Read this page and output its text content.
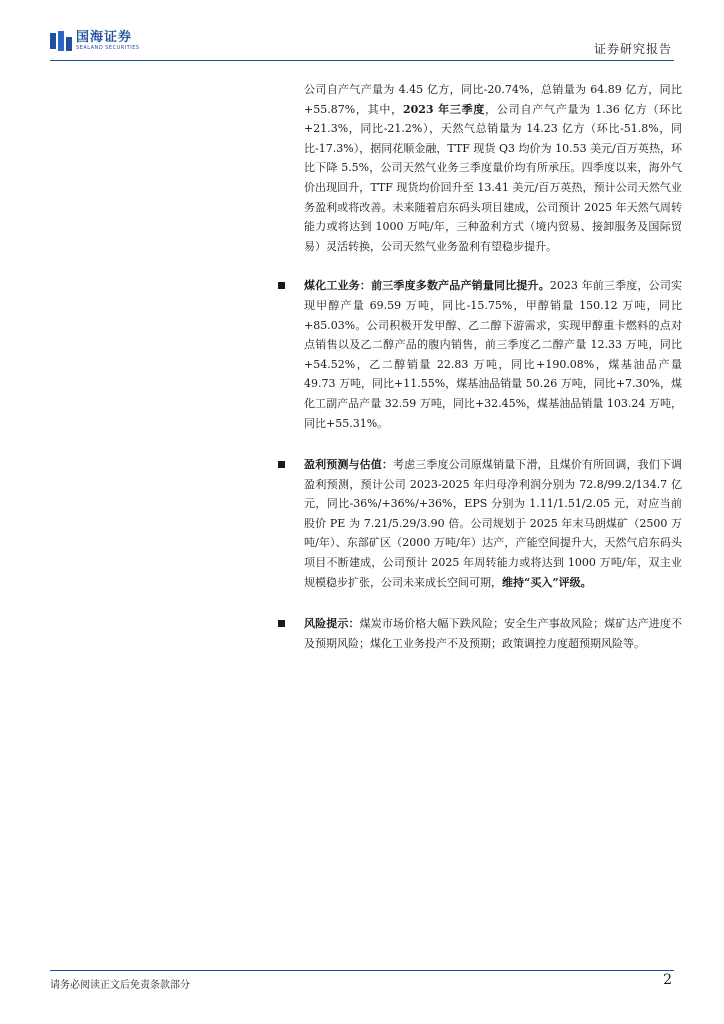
国海证券
SEALAND SECURITIES	证券研究报告

公司自产气产量为 4.45 亿方，同比-20.74%，总销量为 64.89 亿方，同比+55.87%，其中，2023 年三季度，公司自产气产量为 1.36 亿方（环比+21.3%，同比-21.2%），天然气总销量为 14.23 亿方（环比-51.8%，同比-17.3%），据同花顺金融，TTF 现货 Q3 均价为 10.53 美元/百万英热，环比下降 5.5%，公司天然气业务三季度量价均有所承压。四季度以来，海外气价出现回升，TTF 现货均价回升至 13.41 美元/百万英热，预计公司天然气业务盈利或将改善。未来随着启东码头项目建成，公司预计 2025 年天然气周转能力或将达到 1000 万吨/年，三种盈利方式（境内贸易、接卸服务及国际贸易）灵活转换，公司天然气业务盈利有望稳步提升。

煤化工业务：前三季度多数产品产销量同比提升。2023 年前三季度，公司实现甲醇产量 69.59 万吨，同比-15.75%，甲醇销量 150.12 万吨，同比+85.03%。公司积极开发甲醇、乙二醇下游需求，实现甲醇重卡燃料的点对点销售以及乙二醇产品的腹内销售，前三季度乙二醇产量 12.33 万吨，同比+54.52%，乙二醇销量 22.83 万吨，同比+190.08%，煤基油品产量 49.73 万吨，同比+11.55%，煤基油品销量 50.26 万吨，同比+7.30%，煤化工副产品产量 32.59 万吨，同比+32.45%，煤基油品销量 103.24 万吨，同比+55.31%。

盈利预测与估值：考虑三季度公司原煤销量下滑，且煤价有所回调，我们下调盈利预测，预计公司 2023-2025 年归母净利润分别为 72.8/99.2/134.7 亿元，同比-36%/+36%/+36%，EPS 分别为 1.11/1.51/2.05 元，对应当前股价 PE 为 7.21/5.29/3.90 倍。公司规划于 2025 年末马朗煤矿（2500 万吨/年）、东部矿区（2000 万吨/年）达产，产能空间提升大，天然气启东码头项目不断建成，公司预计 2025 年周转能力或将达到 1000 万吨/年，双主业规模稳步扩张，公司未来成长空间可期，维持“买入”评级。

风险提示：煤炭市场价格大幅下跌风险；安全生产事故风险；煤矿达产进度不及预期风险；煤化工业务投产不及预期；政策调控力度超预期风险等。

请务必阅读正文后免责条款部分	2
